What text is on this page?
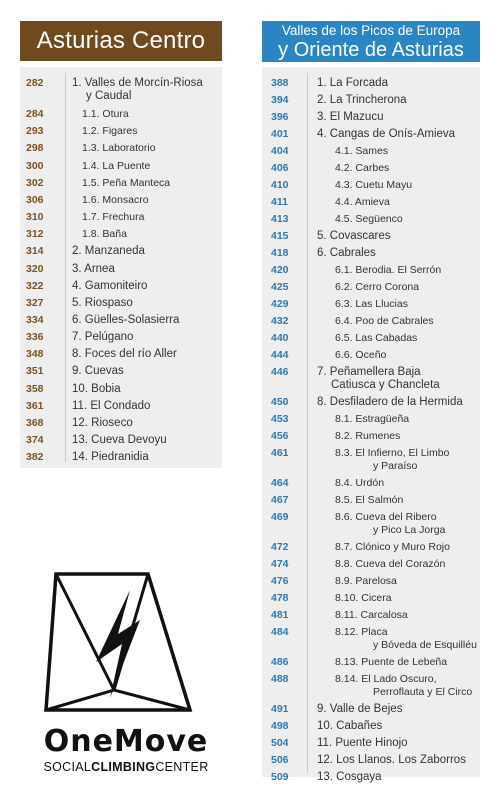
Asturias Centro
282 1. Valles de Morcín-Riosa
y Caudal
284	1.1. Otura
293	1.2. Figares
298	1.3. Laboratorio
300	1.4. La Puente
302	1.5. Peña Manteca
306	1.6. Monsacro
310	1.7. Frechura
312	1.8. Baña
314 2. Manzaneda
320 3. Arnea
322 4. Gamoniteiro
327 5. Riospaso
334 6. Güelles-Solasierra
336 7. Pelúgano
348 8. Foces del río Aller
351 9. Cuevas
358 10. Bobia
361 11. El Condado
368 12. Rioseco
374 13. Cueva Devoyu
382 14. Piedranidia
Valles de los Picos de Europa
y Oriente de Asturias
388 1. La Forcada
394 2. La Trincherona
396 3. El Mazucu
401 4. Cangas de Onís-Amieva
404	4.1. Sames
406	4.2. Carbes
410	4.3. Cuetu Mayu
411	4.4. Amieva
413	4.5. Següenco
415 5. Covascares
418 6. Cabrales
420	6.1. Berodia. El Serrón
425	6.2. Cerro Corona
429	6.3. Las Llucias
432	6.4. Poo de Cabrales
440	6.5. Las Cabadas
444	6.6. Oceño
446 7. Peñamellera Baja
Catiusca y Chancleta
450 8. Desfiladero de la Hermida
453	8.1. Estragüeña
456	8.2. Rumenes
461	8.3. El Infierno, El Limbo
y Paraíso
464	8.4. Urdón
467	8.5. El Salmón
469	8.6. Cueva del Ribero
y Pico La Jorga
472	8.7. Clónico y Muro Rojo
474	8.8. Cueva del Corazón
476	8.9. Parelosa
478	8.10. Cicera
481	8.11. Carcalosa
484	8.12. Placa
y Bóveda de Esquilléu
486	8.13. Puente de Lebeña
488	8.14. El Lado Oscuro,
Perroflauta y El Circo
491 9. Valle de Bejes
498 10. Cabañes
504 11. Puente Hinojo
506 12. Los Llanos. Los Zaborros
509 13. Cosgaya
OneMove
SOCIALCLIMBINGCENTER
